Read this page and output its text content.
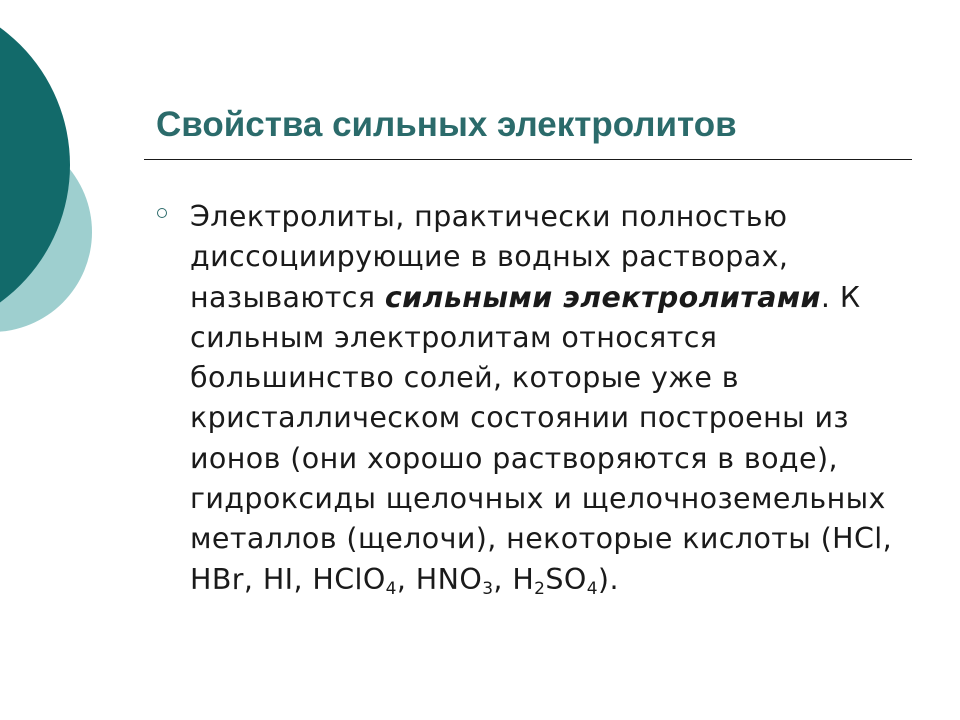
Свойства сильных электролитов

Электролиты, практически полностью диссоциирующие в водных растворах, называются сильными электролитами. К сильным электролитам относятся большинство солей, которые уже в кристаллическом состоянии построены из ионов (они хорошо растворяются в воде), гидроксиды щелочных и щелочноземельных металлов (щелочи), некоторые кислоты (HCl, HBr, HI, HClO$_4$, $HNO_3$, $H_2SO_4$).
